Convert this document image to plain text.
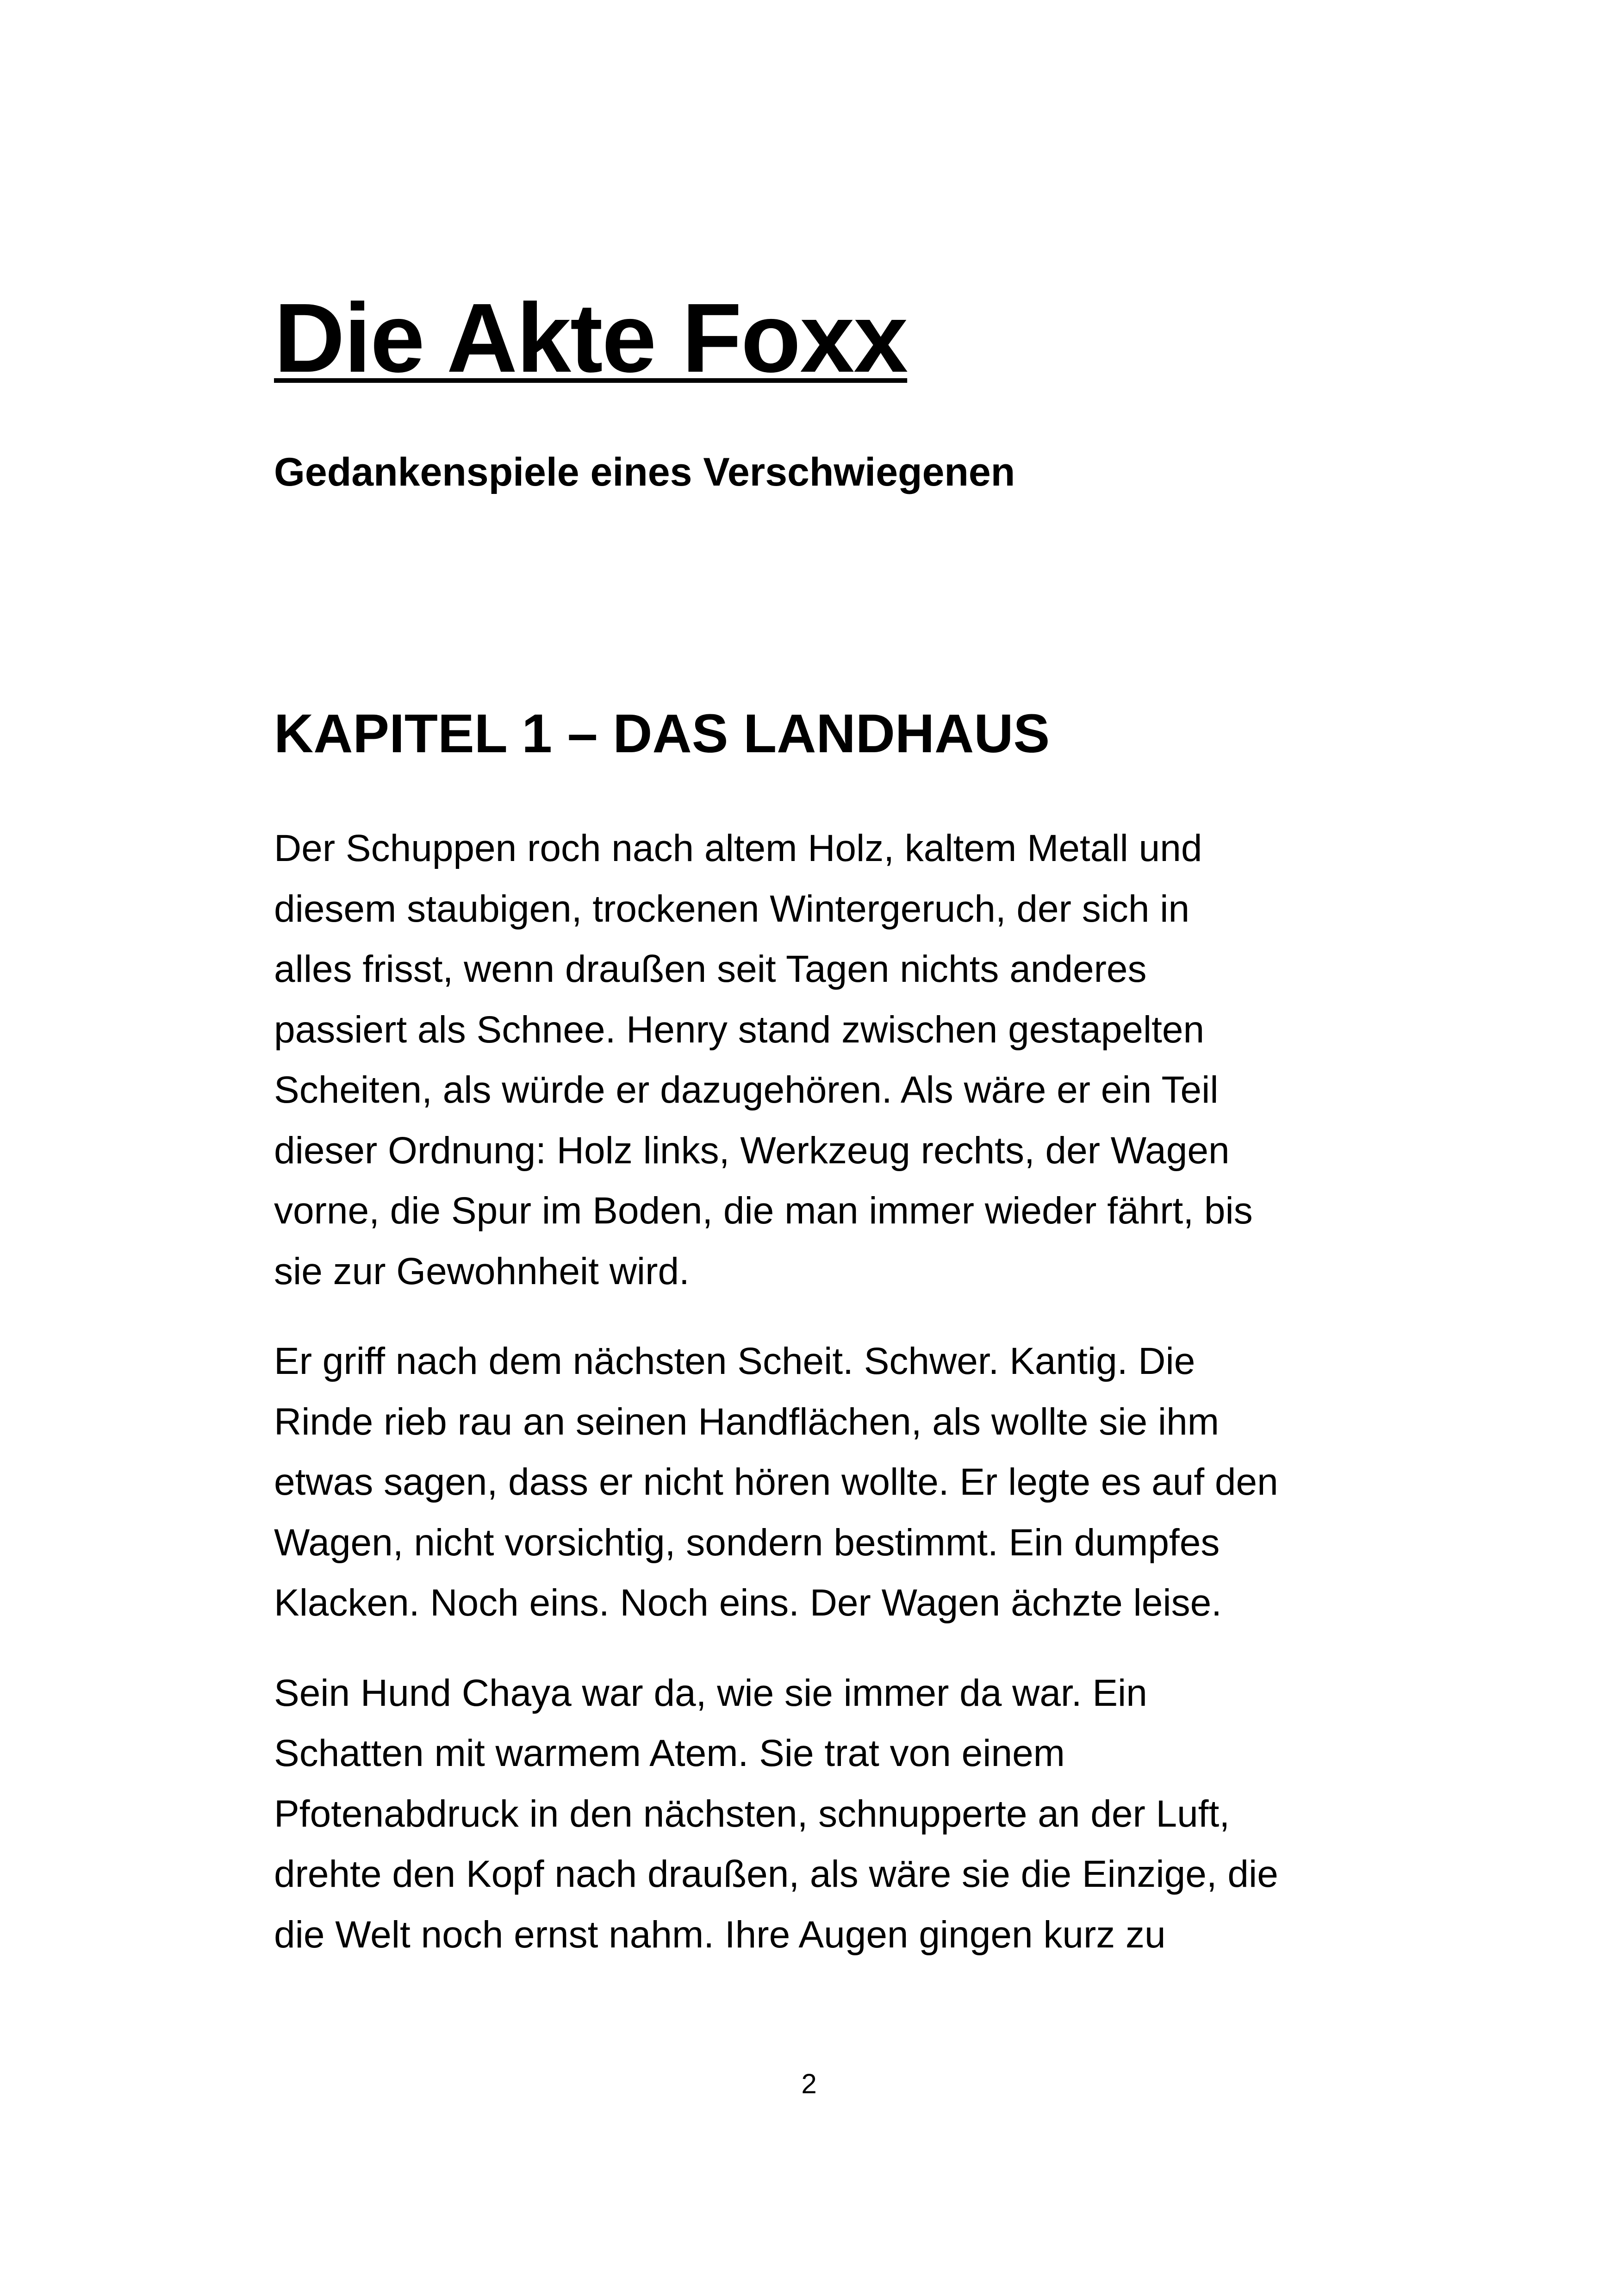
Die Akte Foxx
Gedankenspiele eines Verschwiegenen
KAPITEL 1 – DAS LANDHAUS

Der Schuppen roch nach altem Holz, kaltem Metall und
diesem staubigen, trockenen Wintergeruch, der sich in
alles frisst, wenn draußen seit Tagen nichts anderes
passiert als Schnee. Henry stand zwischen gestapelten
Scheiten, als würde er dazugehören. Als wäre er ein Teil
dieser Ordnung: Holz links, Werkzeug rechts, der Wagen
vorne, die Spur im Boden, die man immer wieder fährt, bis
sie zur Gewohnheit wird.

Er griff nach dem nächsten Scheit. Schwer. Kantig. Die
Rinde rieb rau an seinen Handflächen, als wollte sie ihm
etwas sagen, dass er nicht hören wollte. Er legte es auf den
Wagen, nicht vorsichtig, sondern bestimmt. Ein dumpfes
Klacken. Noch eins. Noch eins. Der Wagen ächzte leise.

Sein Hund Chaya war da, wie sie immer da war. Ein
Schatten mit warmem Atem. Sie trat von einem
Pfotenabdruck in den nächsten, schnupperte an der Luft,
drehte den Kopf nach draußen, als wäre sie die Einzige, die
die Welt noch ernst nahm. Ihre Augen gingen kurz zu

2
